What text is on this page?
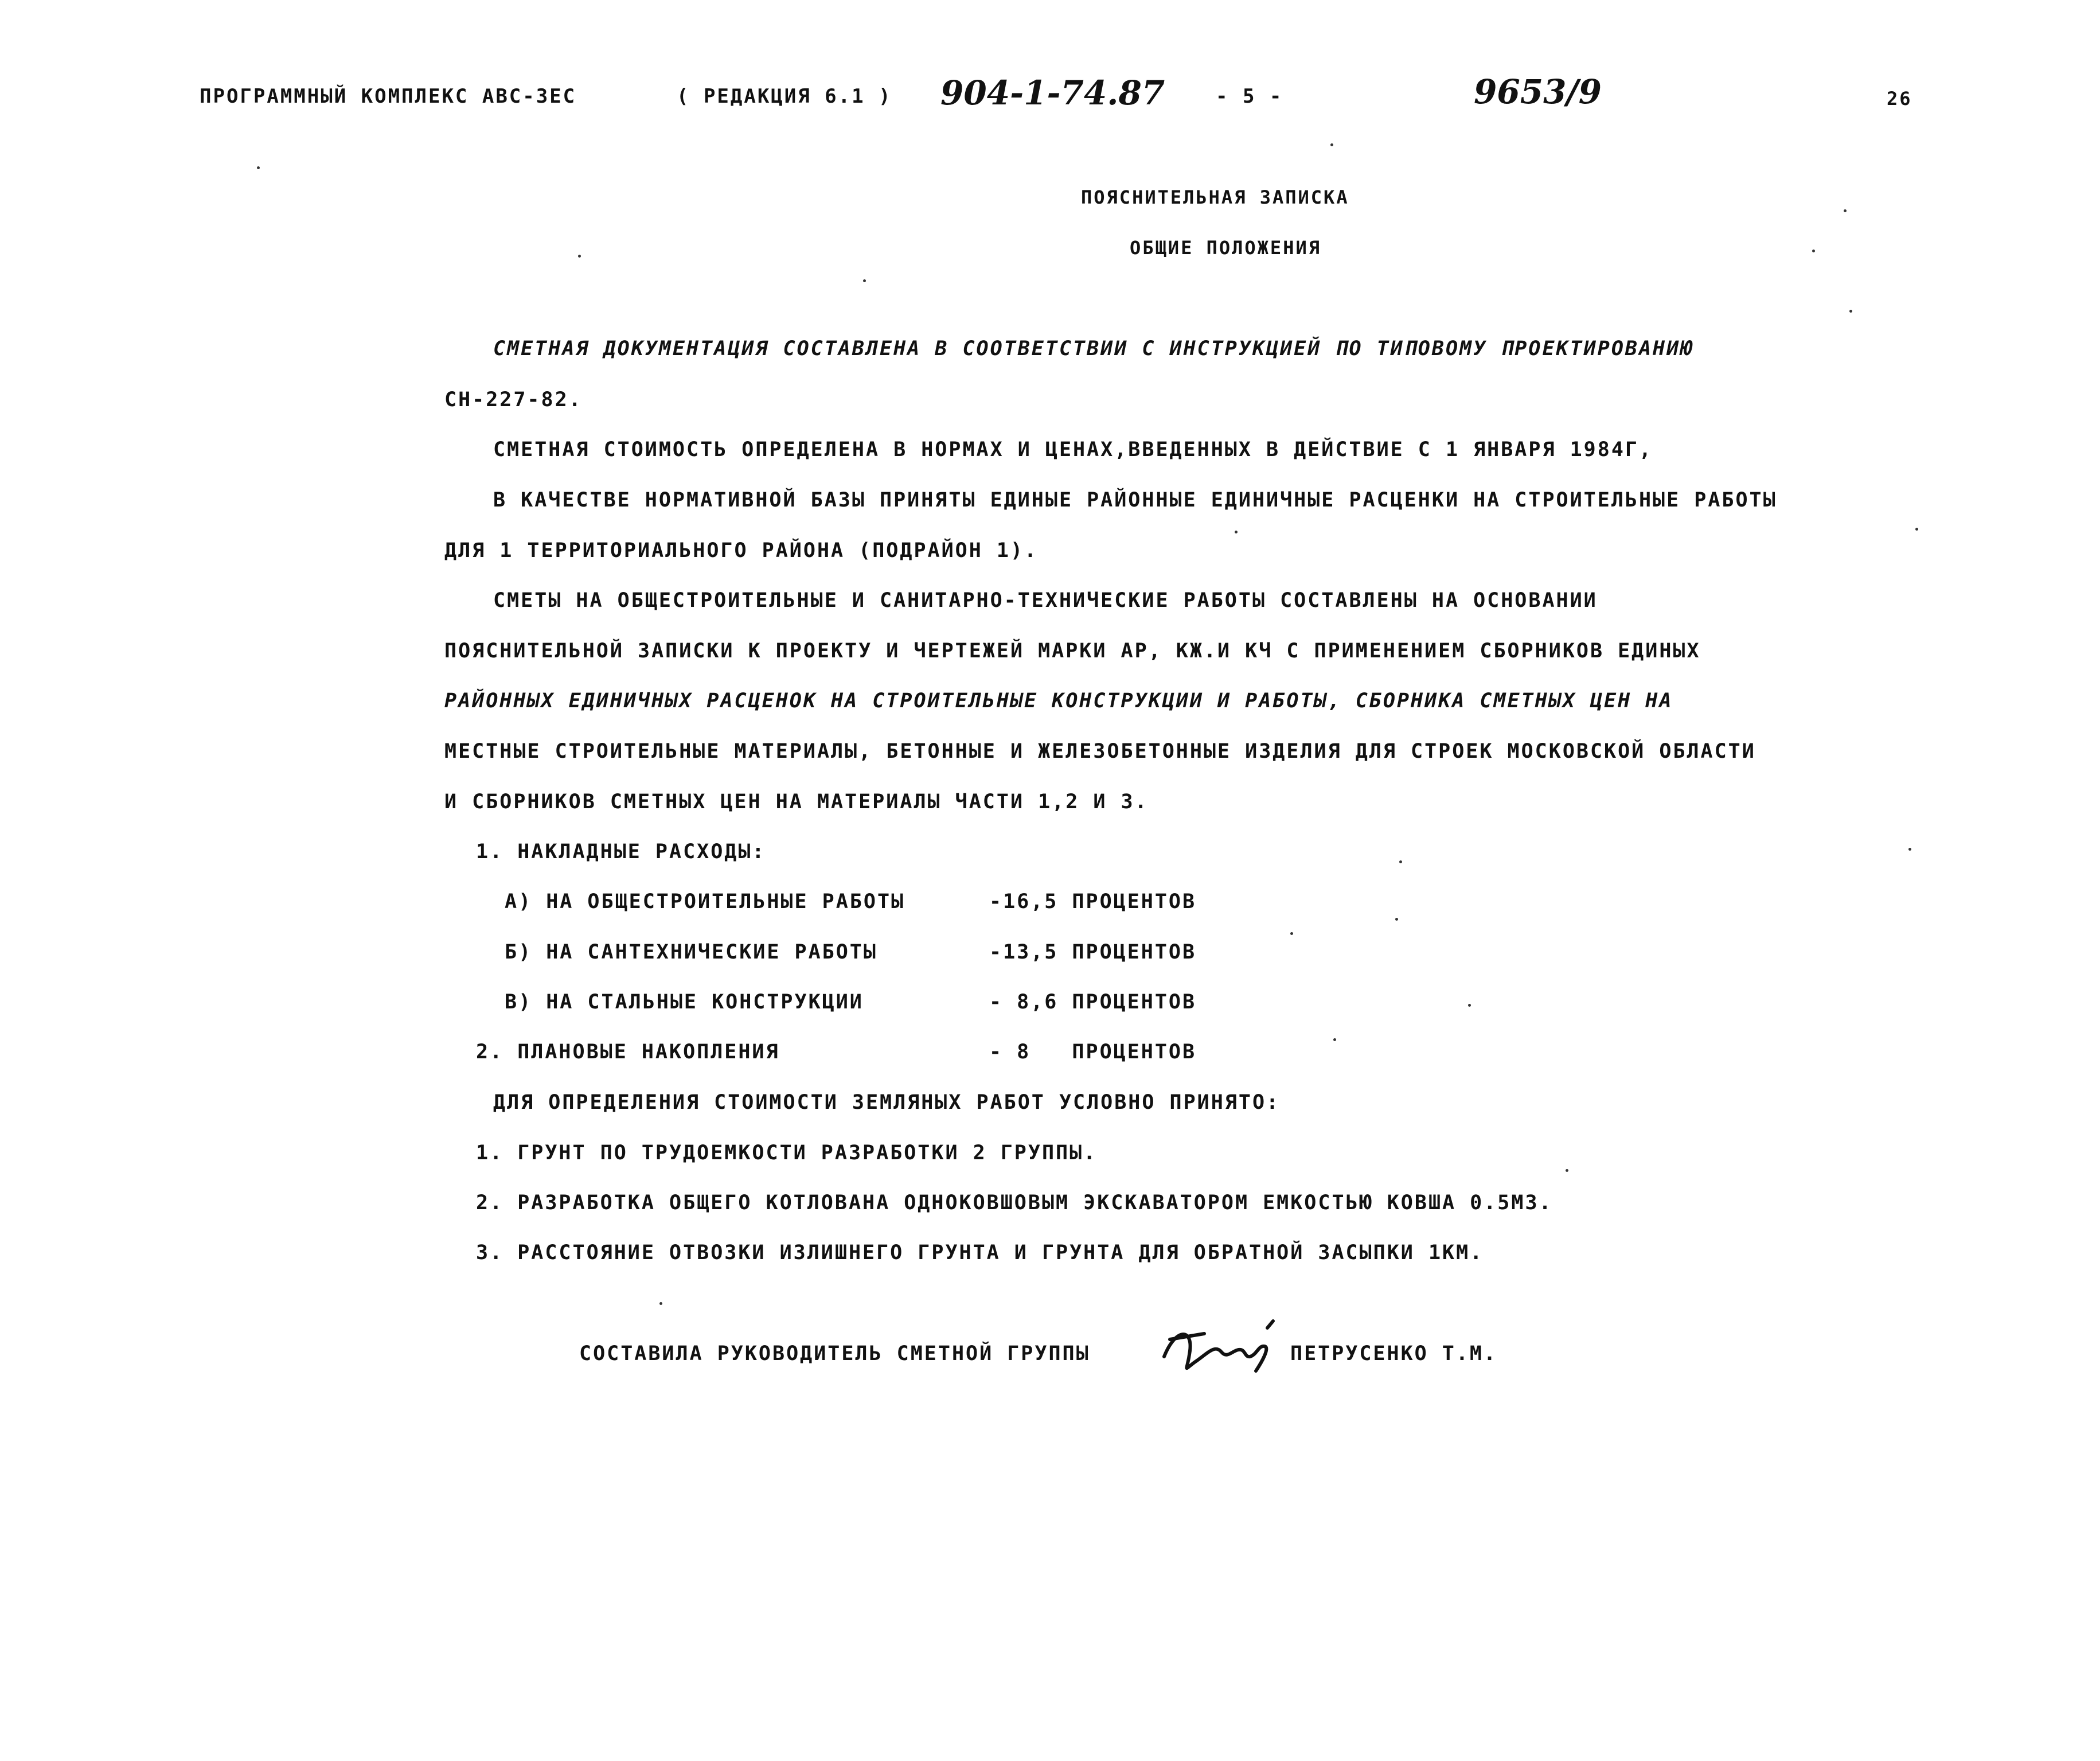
ПРОГРАММНЫЙ КОМПЛЕКС АВС-3ЕС	( РЕДАКЦИЯ 6.1 ) 904-1-74.87	- 5 -	9653/9	26
ПОЯСНИТЕЛЬНАЯ ЗАПИСКА
ОБЩИЕ ПОЛОЖЕНИЯ
СМЕТНАЯ ДОКУМЕНТАЦИЯ СОСТАВЛЕНА В СООТВЕТСТВИИ С ИНСТРУКЦИЕЙ ПО ТИПОВОМУ ПРОЕКТИРОВАНИЮ
СН-227-82.
СМЕТНАЯ СТОИМОСТЬ ОПРЕДЕЛЕНА В НОРМАХ И ЦЕНАХ,ВВЕДЕННЫХ В ДЕЙСТВИЕ С 1 ЯНВАРЯ 1984Г,
В КАЧЕСТВЕ НОРМАТИВНОЙ БАЗЫ ПРИНЯТЫ ЕДИНЫЕ РАЙОННЫЕ ЕДИНИЧНЫЕ РАСЦЕНКИ НА СТРОИТЕЛЬНЫЕ РАБОТЫ
ДЛЯ 1 ТЕРРИТОРИАЛЬНОГО РАЙОНА (ПОДРАЙОН 1).
СМЕТЫ НА ОБЩЕСТРОИТЕЛЬНЫЕ И САНИТАРНО-ТЕХНИЧЕСКИЕ РАБОТЫ СОСТАВЛЕНЫ НА ОСНОВАНИИ
ПОЯСНИТЕЛЬНОЙ ЗАПИСКИ К ПРОЕКТУ И ЧЕРТЕЖЕЙ МАРКИ АР, КЖ.И КЧ С ПРИМЕНЕНИЕМ СБОРНИКОВ ЕДИНЫХ
РАЙОННЫХ ЕДИНИЧНЫХ РАСЦЕНОК НА СТРОИТЕЛЬНЫЕ КОНСТРУКЦИИ И РАБОТЫ, СБОРНИКА СМЕТНЫХ ЦЕН НА
МЕСТНЫЕ СТРОИТЕЛЬНЫЕ МАТЕРИАЛЫ, БЕТОННЫЕ И ЖЕЛЕЗОБЕТОННЫЕ ИЗДЕЛИЯ ДЛЯ СТРОЕК МОСКОВСКОЙ ОБЛАСТИ
И СБОРНИКОВ СМЕТНЫХ ЦЕН НА МАТЕРИАЛЫ ЧАСТИ 1,2 И 3.
1. НАКЛАДНЫЕ РАСХОДЫ:
А) НА ОБЩЕСТРОИТЕЛЬНЫЕ РАБОТЫ	-16,5 ПРОЦЕНТОВ
Б) НА САНТЕХНИЧЕСКИЕ РАБОТЫ	-13,5 ПРОЦЕНТОВ
В) НА СТАЛЬНЫЕ КОНСТРУКЦИИ	- 8,6 ПРОЦЕНТОВ
2. ПЛАНОВЫЕ НАКОПЛЕНИЯ	- 8   ПРОЦЕНТОВ
ДЛЯ ОПРЕДЕЛЕНИЯ СТОИМОСТИ ЗЕМЛЯНЫХ РАБОТ УСЛОВНО ПРИНЯТО:
1. ГРУНТ ПО ТРУДОЕМКОСТИ РАЗРАБОТКИ 2 ГРУППЫ.
2. РАЗРАБОТКА ОБЩЕГО КОТЛОВАНА ОДНОКОВШОВЫМ ЭКСКАВАТОРОМ ЕМКОСТЬЮ КОВША 0.5М3.
3. РАССТОЯНИЕ ОТВОЗКИ ИЗЛИШНЕГО ГРУНТА И ГРУНТА ДЛЯ ОБРАТНОЙ ЗАСЫПКИ 1КМ.
СОСТАВИЛА РУКОВОДИТЕЛЬ СМЕТНОЙ ГРУППЫ	ПЕТРУСЕНКО Т.М.
